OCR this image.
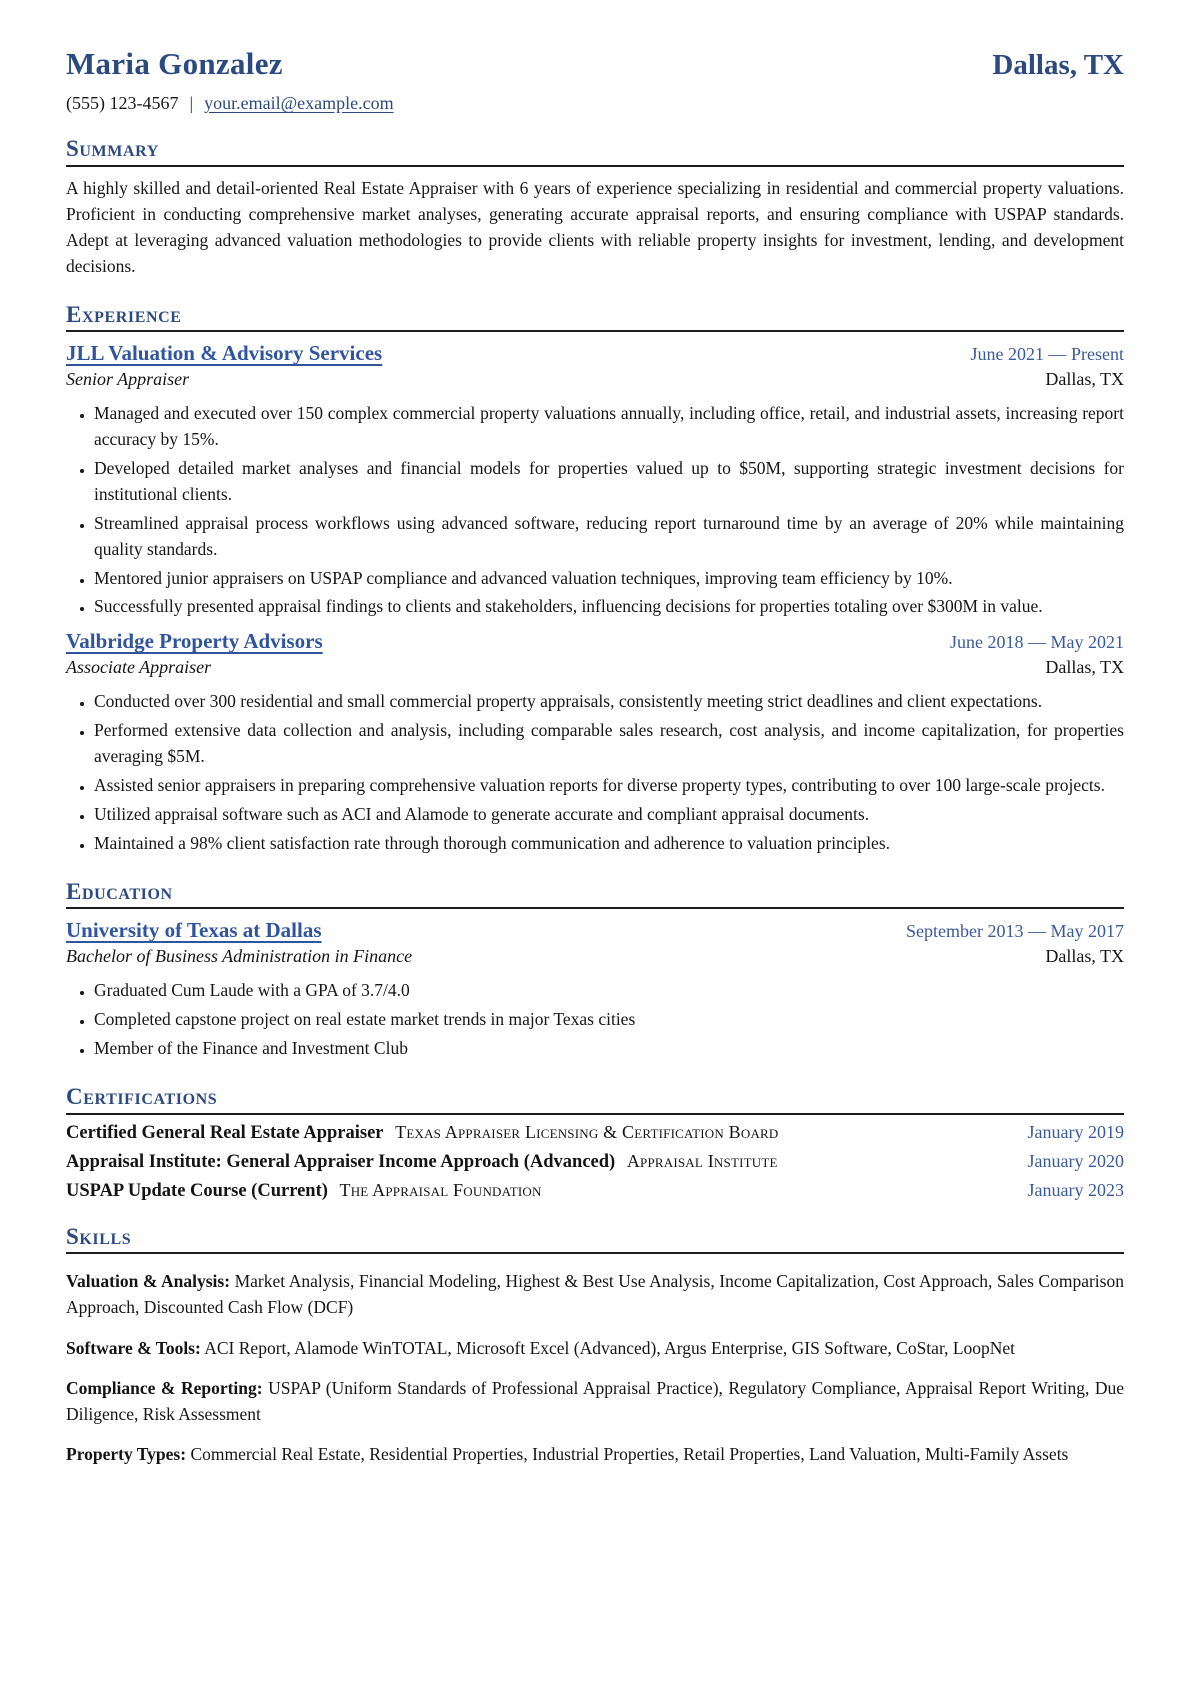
Maria Gonzalez	Dallas, TX
(555) 123-4567 | your.email@example.com
Summary
A highly skilled and detail-oriented Real Estate Appraiser with 6 years of experience specializing in residential and commercial property valuations. Proficient in conducting comprehensive market analyses, generating accurate appraisal reports, and ensuring compliance with USPAP standards. Adept at leveraging advanced valuation methodologies to provide clients with reliable property insights for investment, lending, and development decisions.
Experience
JLL Valuation & Advisory Services	June 2021 — Present
Senior Appraiser	Dallas, TX
• Managed and executed over 150 complex commercial property valuations annually, including office, retail, and industrial assets, increasing report accuracy by 15%.
• Developed detailed market analyses and financial models for properties valued up to $50M, supporting strategic investment decisions for institutional clients.
• Streamlined appraisal process workflows using advanced software, reducing report turnaround time by an average of 20% while maintaining quality standards.
• Mentored junior appraisers on USPAP compliance and advanced valuation techniques, improving team efficiency by 10%.
• Successfully presented appraisal findings to clients and stakeholders, influencing decisions for properties totaling over $300M in value.
Valbridge Property Advisors	June 2018 — May 2021
Associate Appraiser	Dallas, TX
• Conducted over 300 residential and small commercial property appraisals, consistently meeting strict deadlines and client expectations.
• Performed extensive data collection and analysis, including comparable sales research, cost analysis, and income capitalization, for properties averaging $5M.
• Assisted senior appraisers in preparing comprehensive valuation reports for diverse property types, contributing to over 100 large-scale projects.
• Utilized appraisal software such as ACI and Alamode to generate accurate and compliant appraisal documents.
• Maintained a 98% client satisfaction rate through thorough communication and adherence to valuation principles.
Education
University of Texas at Dallas	September 2013 — May 2017
Bachelor of Business Administration in Finance	Dallas, TX
• Graduated Cum Laude with a GPA of 3.7/4.0
• Completed capstone project on real estate market trends in major Texas cities
• Member of the Finance and Investment Club
Certifications
Certified General Real Estate Appraiser Texas Appraiser Licensing & Certification Board	January 2019
Appraisal Institute: General Appraiser Income Approach (Advanced) Appraisal Institute	January 2020
USPAP Update Course (Current) The Appraisal Foundation	January 2023
Skills
Valuation & Analysis: Market Analysis, Financial Modeling, Highest & Best Use Analysis, Income Capitalization, Cost Approach, Sales Comparison Approach, Discounted Cash Flow (DCF)
Software & Tools: ACI Report, Alamode WinTOTAL, Microsoft Excel (Advanced), Argus Enterprise, GIS Software, CoStar, LoopNet
Compliance & Reporting: USPAP (Uniform Standards of Professional Appraisal Practice), Regulatory Compliance, Appraisal Report Writing, Due Diligence, Risk Assessment
Property Types: Commercial Real Estate, Residential Properties, Industrial Properties, Retail Properties, Land Valuation, Multi-Family Assets
